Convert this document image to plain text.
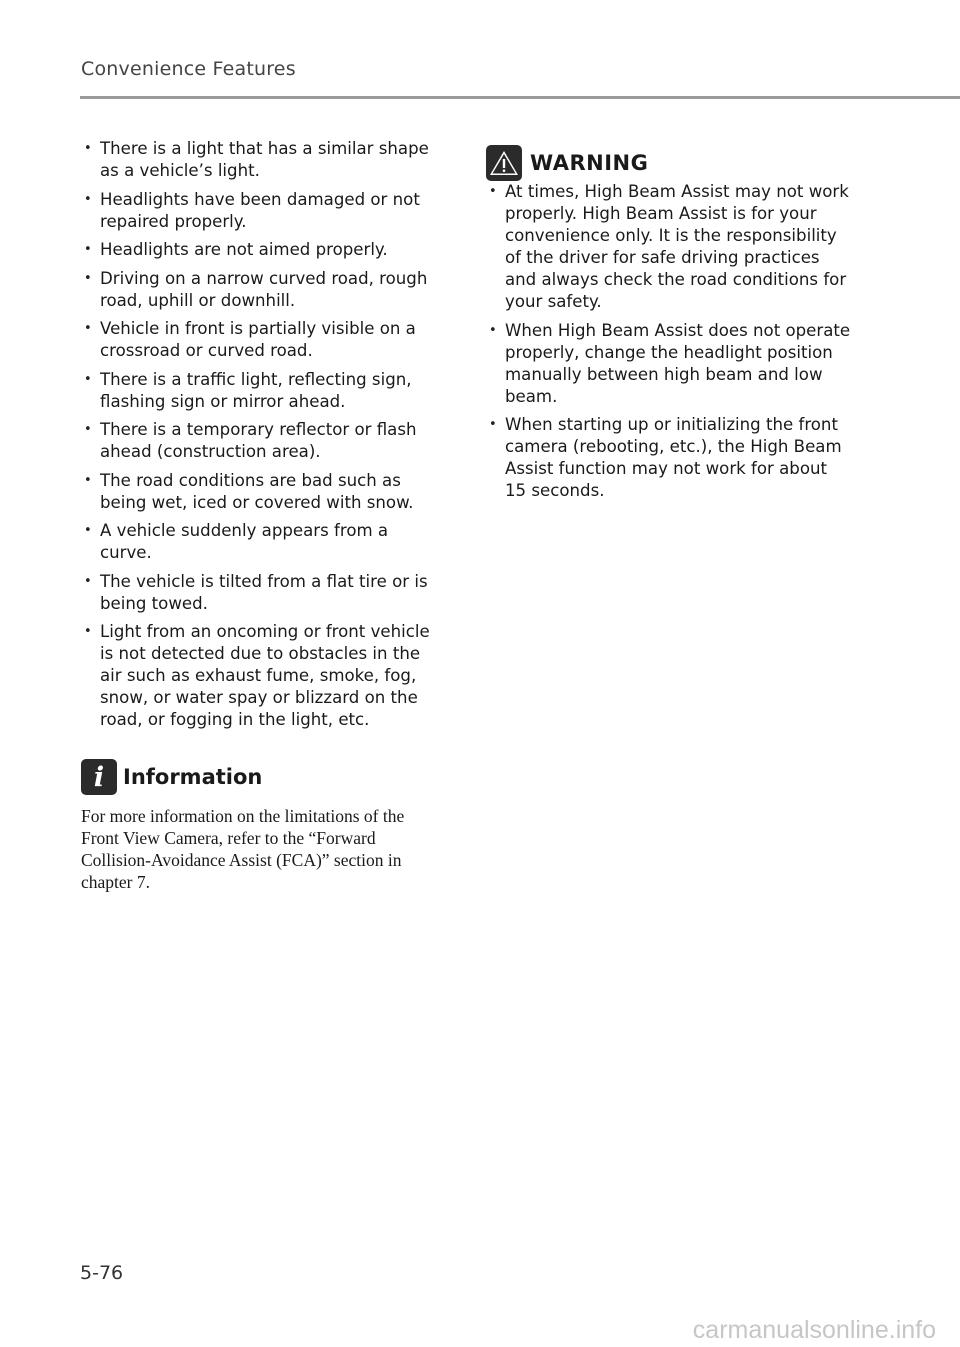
Convenience Features
• There is a light that has a similar shape as a vehicle’s light.
• Headlights have been damaged or not repaired properly.
• Headlights are not aimed properly.
• Driving on a narrow curved road, rough road, uphill or downhill.
• Vehicle in front is partially visible on a crossroad or curved road.
• There is a traffic light, reflecting sign, flashing sign or mirror ahead.
• There is a temporary reflector or flash ahead (construction area).
• The road conditions are bad such as being wet, iced or covered with snow.
• A vehicle suddenly appears from a curve.
• The vehicle is tilted from a flat tire or is being towed.
• Light from an oncoming or front vehicle is not detected due to obstacles in the air such as exhaust fume, smoke, fog, snow, or water spay or blizzard on the road, or fogging in the light, etc.
i Information
For more information on the limitations of the Front View Camera, refer to the “Forward Collision-Avoidance Assist (FCA)” section in chapter 7.
WARNING
• At times, High Beam Assist may not work properly. High Beam Assist is for your convenience only. It is the responsibility of the driver for safe driving practices and always check the road conditions for your safety.
• When High Beam Assist does not operate properly, change the headlight position manually between high beam and low beam.
• When starting up or initializing the front camera (rebooting, etc.), the High Beam Assist function may not work for about 15 seconds.
5-76
carmanualsonline.info
